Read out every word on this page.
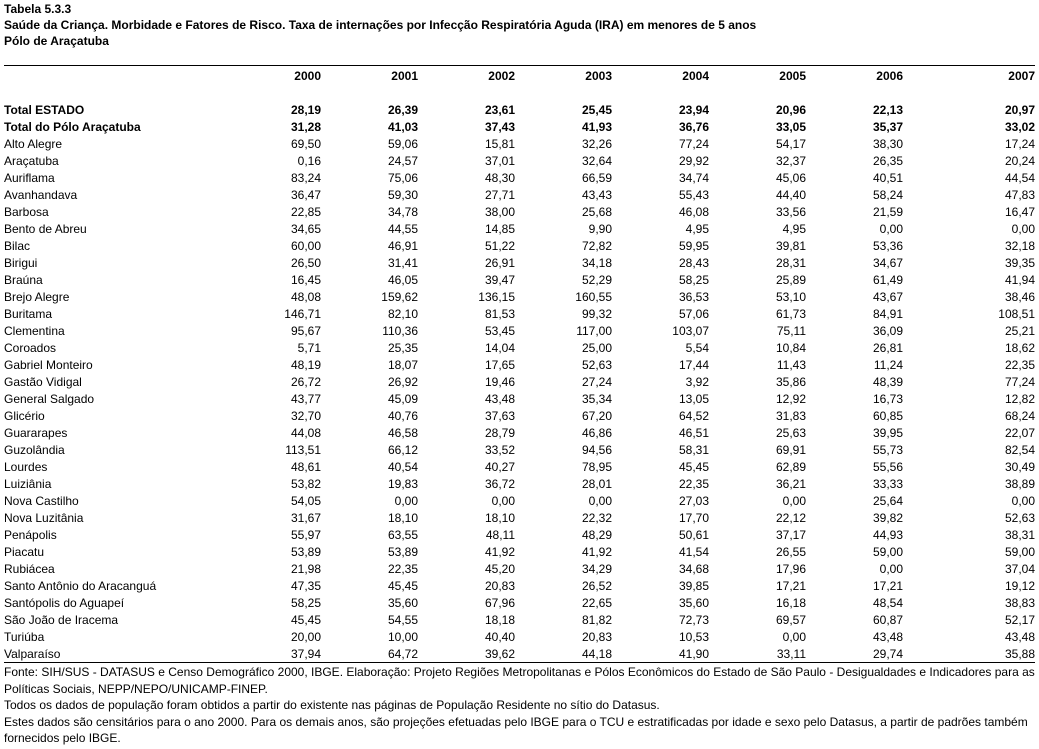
Tabela 5.3.3
Saúde da Criança. Morbidade e Fatores de Risco. Taxa de internações por Infecção Respiratória Aguda (IRA) em menores de 5 anos
Pólo de Araçatuba
	2000	2001	2002	2003	2004	2005	2006	2007

Total ESTADO	28,19	26,39	23,61	25,45	23,94	20,96	22,13	20,97
Total do Pólo Araçatuba	31,28	41,03	37,43	41,93	36,76	33,05	35,37	33,02
Alto Alegre	69,50	59,06	15,81	32,26	77,24	54,17	38,30	17,24
Araçatuba	0,16	24,57	37,01	32,64	29,92	32,37	26,35	20,24
Auriflama	83,24	75,06	48,30	66,59	34,74	45,06	40,51	44,54
Avanhandava	36,47	59,30	27,71	43,43	55,43	44,40	58,24	47,83
Barbosa	22,85	34,78	38,00	25,68	46,08	33,56	21,59	16,47
Bento de Abreu	34,65	44,55	14,85	9,90	4,95	4,95	0,00	0,00
Bilac	60,00	46,91	51,22	72,82	59,95	39,81	53,36	32,18
Birigui	26,50	31,41	26,91	34,18	28,43	28,31	34,67	39,35
Braúna	16,45	46,05	39,47	52,29	58,25	25,89	61,49	41,94
Brejo Alegre	48,08	159,62	136,15	160,55	36,53	53,10	43,67	38,46
Buritama	146,71	82,10	81,53	99,32	57,06	61,73	84,91	108,51
Clementina	95,67	110,36	53,45	117,00	103,07	75,11	36,09	25,21
Coroados	5,71	25,35	14,04	25,00	5,54	10,84	26,81	18,62
Gabriel Monteiro	48,19	18,07	17,65	52,63	17,44	11,43	11,24	22,35
Gastão Vidigal	26,72	26,92	19,46	27,24	3,92	35,86	48,39	77,24
General Salgado	43,77	45,09	43,48	35,34	13,05	12,92	16,73	12,82
Glicério	32,70	40,76	37,63	67,20	64,52	31,83	60,85	68,24
Guararapes	44,08	46,58	28,79	46,86	46,51	25,63	39,95	22,07
Guzolândia	113,51	66,12	33,52	94,56	58,31	69,91	55,73	82,54
Lourdes	48,61	40,54	40,27	78,95	45,45	62,89	55,56	30,49
Luiziânia	53,82	19,83	36,72	28,01	22,35	36,21	33,33	38,89
Nova Castilho	54,05	0,00	0,00	0,00	27,03	0,00	25,64	0,00
Nova Luzitânia	31,67	18,10	18,10	22,32	17,70	22,12	39,82	52,63
Penápolis	55,97	63,55	48,11	48,29	50,61	37,17	44,93	38,31
Piacatu	53,89	53,89	41,92	41,92	41,54	26,55	59,00	59,00
Rubiácea	21,98	22,35	45,20	34,29	34,68	17,96	0,00	37,04
Santo Antônio do Aracanguá	47,35	45,45	20,83	26,52	39,85	17,21	17,21	19,12
Santópolis do Aguapeí	58,25	35,60	67,96	22,65	35,60	16,18	48,54	38,83
São João de Iracema	45,45	54,55	18,18	81,82	72,73	69,57	60,87	52,17
Turiúba	20,00	10,00	40,40	20,83	10,53	0,00	43,48	43,48
Valparaíso	37,94	64,72	39,62	44,18	41,90	33,11	29,74	35,88

Fonte: SIH/SUS - DATASUS e Censo Demográfico 2000, IBGE. Elaboração: Projeto Regiões Metropolitanas e Pólos Econômicos do Estado de São Paulo - Desigualdades e Indicadores para as Políticas Sociais, NEPP/NEPO/UNICAMP-FINEP.

Todos os dados de população foram obtidos a partir do existente nas páginas de População Residente no sítio do Datasus.

Estes dados são censitários para o ano 2000. Para os demais anos, são projeções efetuadas pelo IBGE para o TCU e estratificadas por idade e sexo pelo Datasus, a partir de padrões também fornecidos pelo IBGE.
